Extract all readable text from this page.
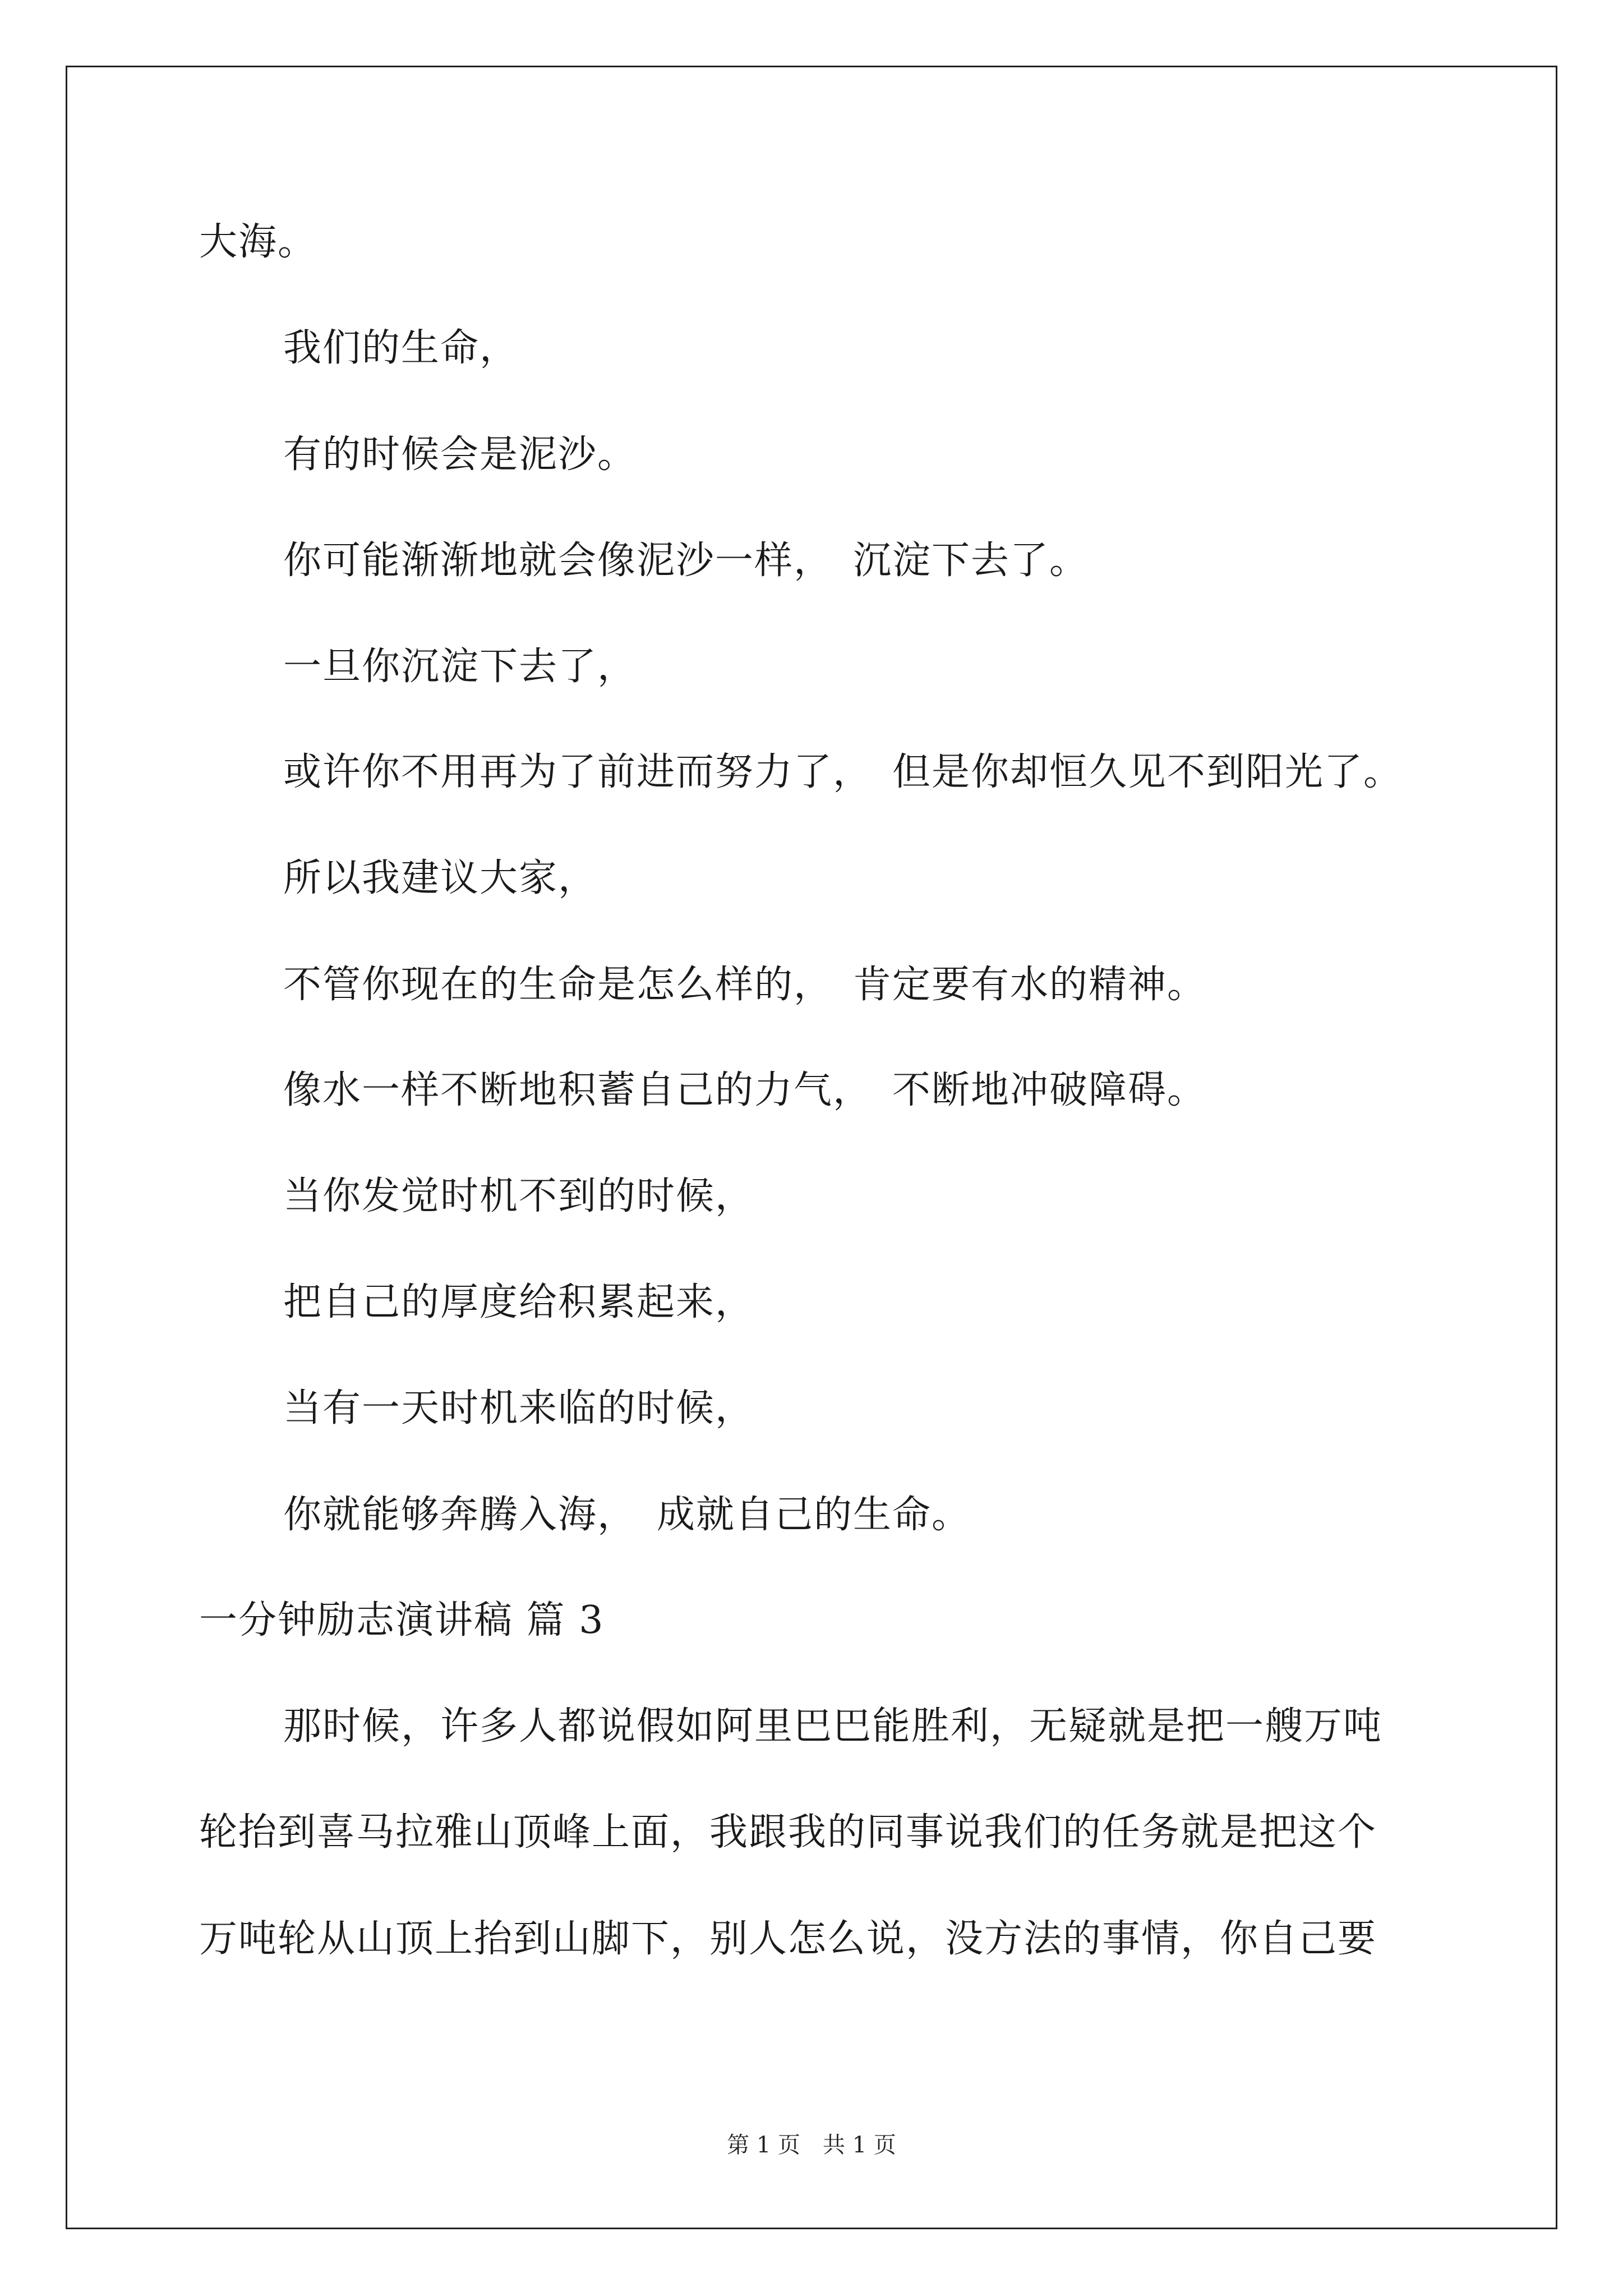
大海。
我们的生命，
有的时候会是泥沙。
你可能渐渐地就会像泥沙一样，　沉淀下去了。
一旦你沉淀下去了，
或许你不用再为了前进而努力了，　但是你却恒久见不到阳光了。
所以我建议大家，
不管你现在的生命是怎么样的，　肯定要有水的精神。
像水一样不断地积蓄自己的力气，　不断地冲破障碍。
当你发觉时机不到的时候，
把自己的厚度给积累起来，
当有一天时机来临的时候，
你就能够奔腾入海，　成就自己的生命。
一分钟励志演讲稿 篇 3
那时候，许多人都说假如阿里巴巴能胜利，无疑就是把一艘万吨
轮抬到喜马拉雅山顶峰上面，我跟我的同事说我们的任务就是把这个
万吨轮从山顶上抬到山脚下，别人怎么说，没方法的事情，你自己要
第 1 页　共 1 页
